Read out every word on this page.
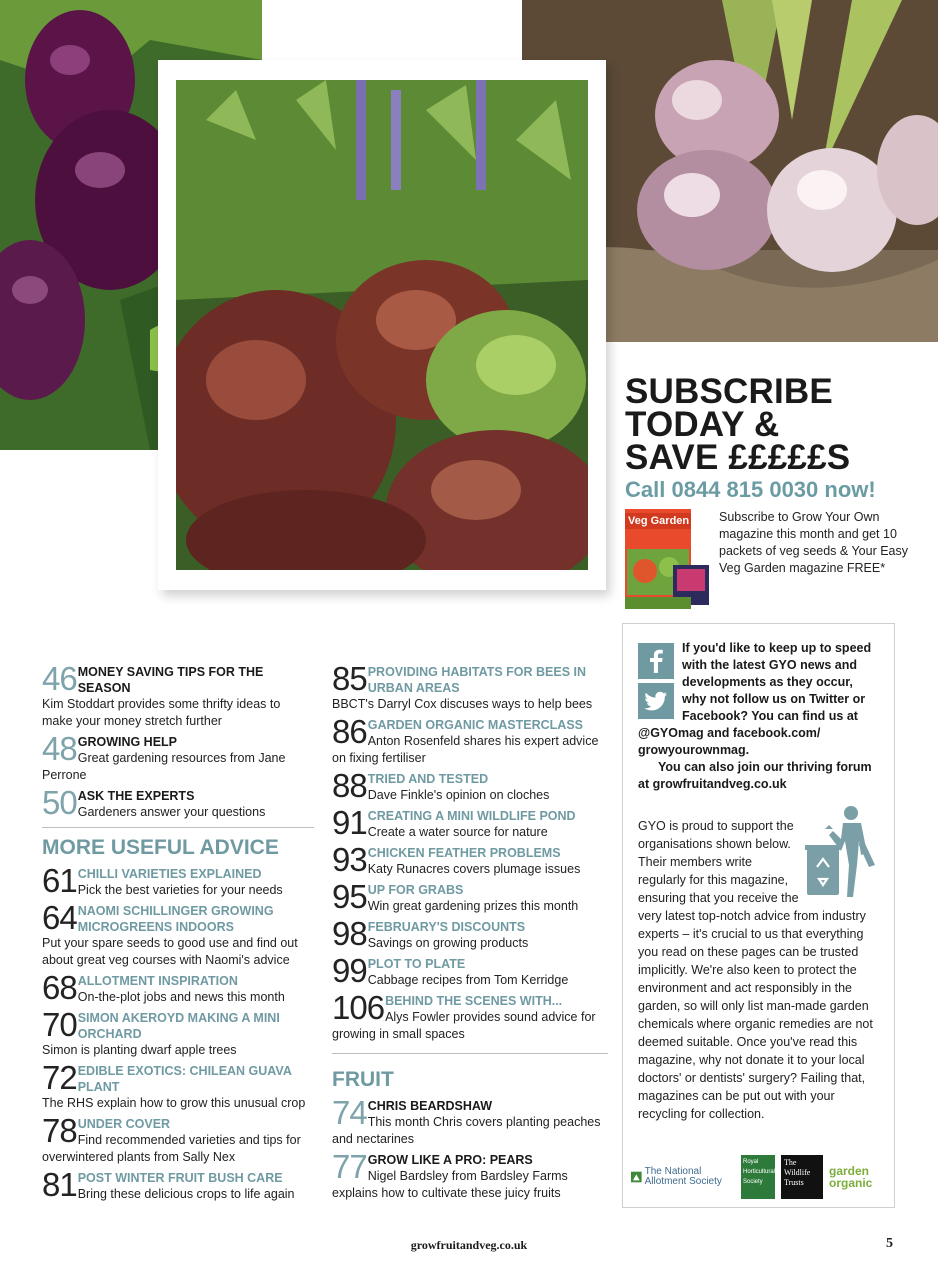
SUBSCRIBE
TODAY &
SAVE £££££S
Call 0844 815 0030 now!
Veg Garden Subscribe to Grow Your Own magazine this month and get 10 packets of veg seeds & Your Easy Veg Garden magazine FREE*
46 MONEY SAVING TIPS FOR THE SEASON
Kim Stoddart provides some thrifty ideas to make your money stretch further
48 GROWING HELP
Great gardening resources from Jane Perrone
50 ASK THE EXPERTS
Gardeners answer your questions
MORE USEFUL ADVICE
61 CHILLI VARIETIES EXPLAINED
Pick the best varieties for your needs
64 NAOMI SCHILLINGER GROWING MICROGREENS INDOORS
Put your spare seeds to good use and find out about great veg courses with Naomi's advice
68 ALLOTMENT INSPIRATION
On-the-plot jobs and news this month
70 SIMON AKEROYD MAKING A MINI ORCHARD
Simon is planting dwarf apple trees
72 EDIBLE EXOTICS: CHILEAN GUAVA PLANT
The RHS explain how to grow this unusual crop
78 UNDER COVER
Find recommended varieties and tips for overwintered plants from Sally Nex
81 POST WINTER FRUIT BUSH CARE
Bring these delicious crops to life again
85 PROVIDING HABITATS FOR BEES IN URBAN AREAS
BBCT's Darryl Cox discuses ways to help bees
86 GARDEN ORGANIC MASTERCLASS
Anton Rosenfeld shares his expert advice on fixing fertiliser
88 TRIED AND TESTED
Dave Finkle's opinion on cloches
91 CREATING A MINI WILDLIFE POND
Create a water source for nature
93 CHICKEN FEATHER PROBLEMS
Katy Runacres covers plumage issues
95 UP FOR GRABS
Win great gardening prizes this month
98 FEBRUARY'S DISCOUNTS
Savings on growing products
99 PLOT TO PLATE
Cabbage recipes from Tom Kerridge
106 BEHIND THE SCENES WITH...
Alys Fowler provides sound advice for growing in small spaces
FRUIT
74 CHRIS BEARDSHAW
This month Chris covers planting peaches and nectarines
77 GROW LIKE A PRO: PEARS
Nigel Bardsley from Bardsley Farms explains how to cultivate these juicy fruits
If you'd like to keep up to speed
with the latest GYO news and
developments as they occur,
why not follow us on Twitter or
Facebook? You can find us at
@GYOmag and facebook.com/ growyourownmag.
You can also join our thriving forum at growfruitandveg.co.uk
GYO is proud to support the organisations shown below. Their members write regularly for this magazine, ensuring that you receive the very latest top-notch advice from industry experts – it's crucial to us that everything you read on these pages can be trusted implicitly. We're also keen to protect the environment and act responsibly in the garden, so will only list man-made garden chemicals where organic remedies are not deemed suitable. Once you've read this magazine, why not donate it to your local doctors' or dentists' surgery? Failing that, magazines can be put out with your recycling for collection.
The National Allotment Society
Royal Horticultural Society
The Wildlife Trusts
garden organic
growfruitandveg.co.uk	5
